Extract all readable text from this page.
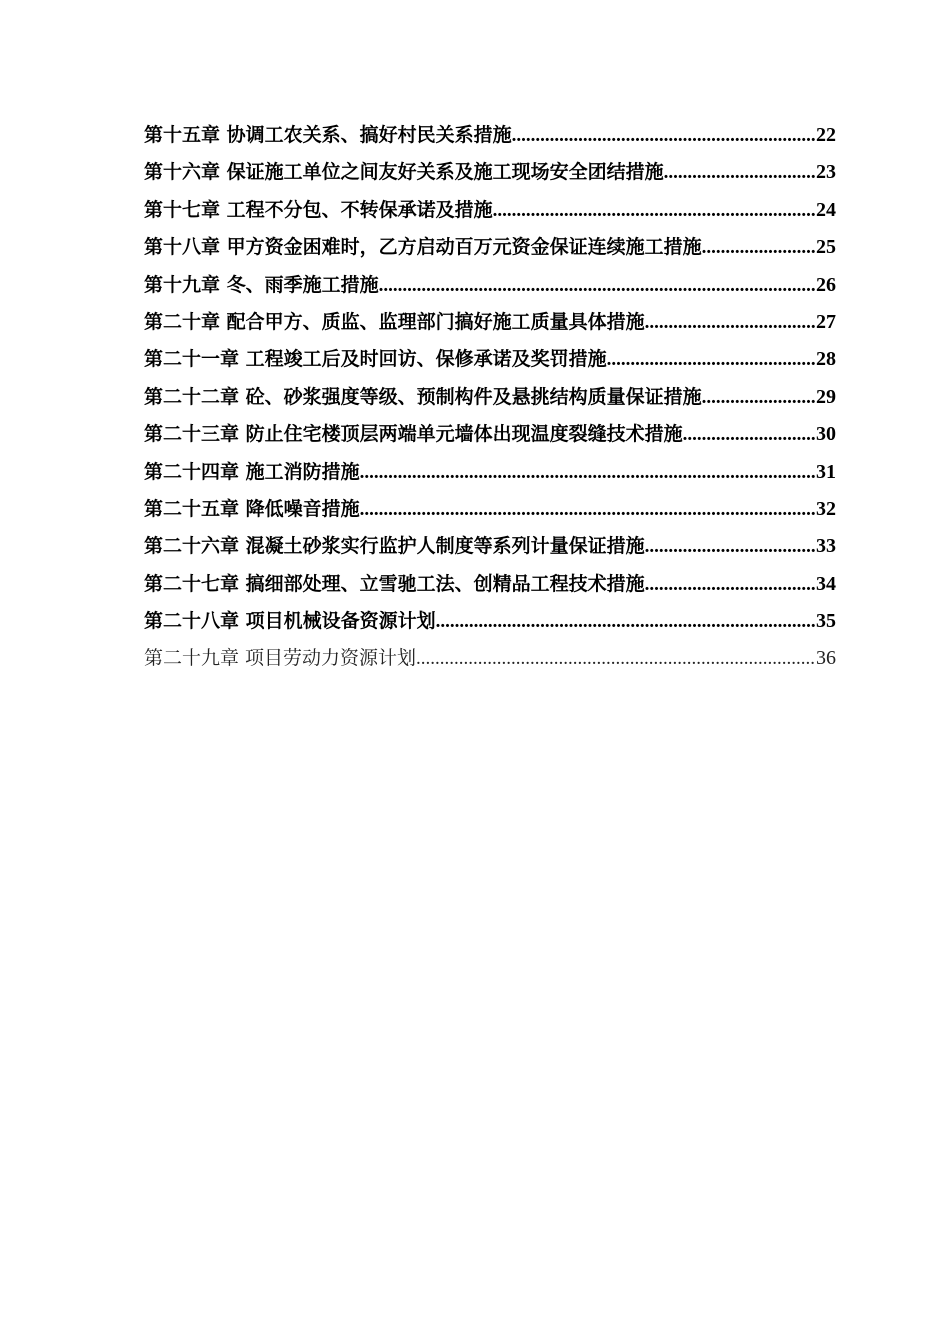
第十五章 协调工农关系、搞好村民关系措施 .....	22
第十六章 保证施工单位之间友好关系及施工现场安全团结措施 .....	23
第十七章 工程不分包、不转保承诺及措施 .....	24
第十八章 甲方资金困难时，乙方启动百万元资金保证连续施工措施 .....	25
第十九章 冬、雨季施工措施 .....	26
第二十章 配合甲方、质监、监理部门搞好施工质量具体措施 .....	27
第二十一章 工程竣工后及时回访、保修承诺及奖罚措施 .....	28
第二十二章 砼、砂浆强度等级、预制构件及悬挑结构质量保证措施 .....	29
第二十三章 防止住宅楼顶层两端单元墙体出现温度裂缝技术措施 .....	30
第二十四章 施工消防措施 .....	31
第二十五章 降低噪音措施 .....	32
第二十六章 混凝土砂浆实行监护人制度等系列计量保证措施 .....	33
第二十七章 搞细部处理、立雪驰工法、创精品工程技术措施 .....	34
第二十八章 项目机械设备资源计划 .....	35
第二十九章 项目劳动力资源计划 .....	36
